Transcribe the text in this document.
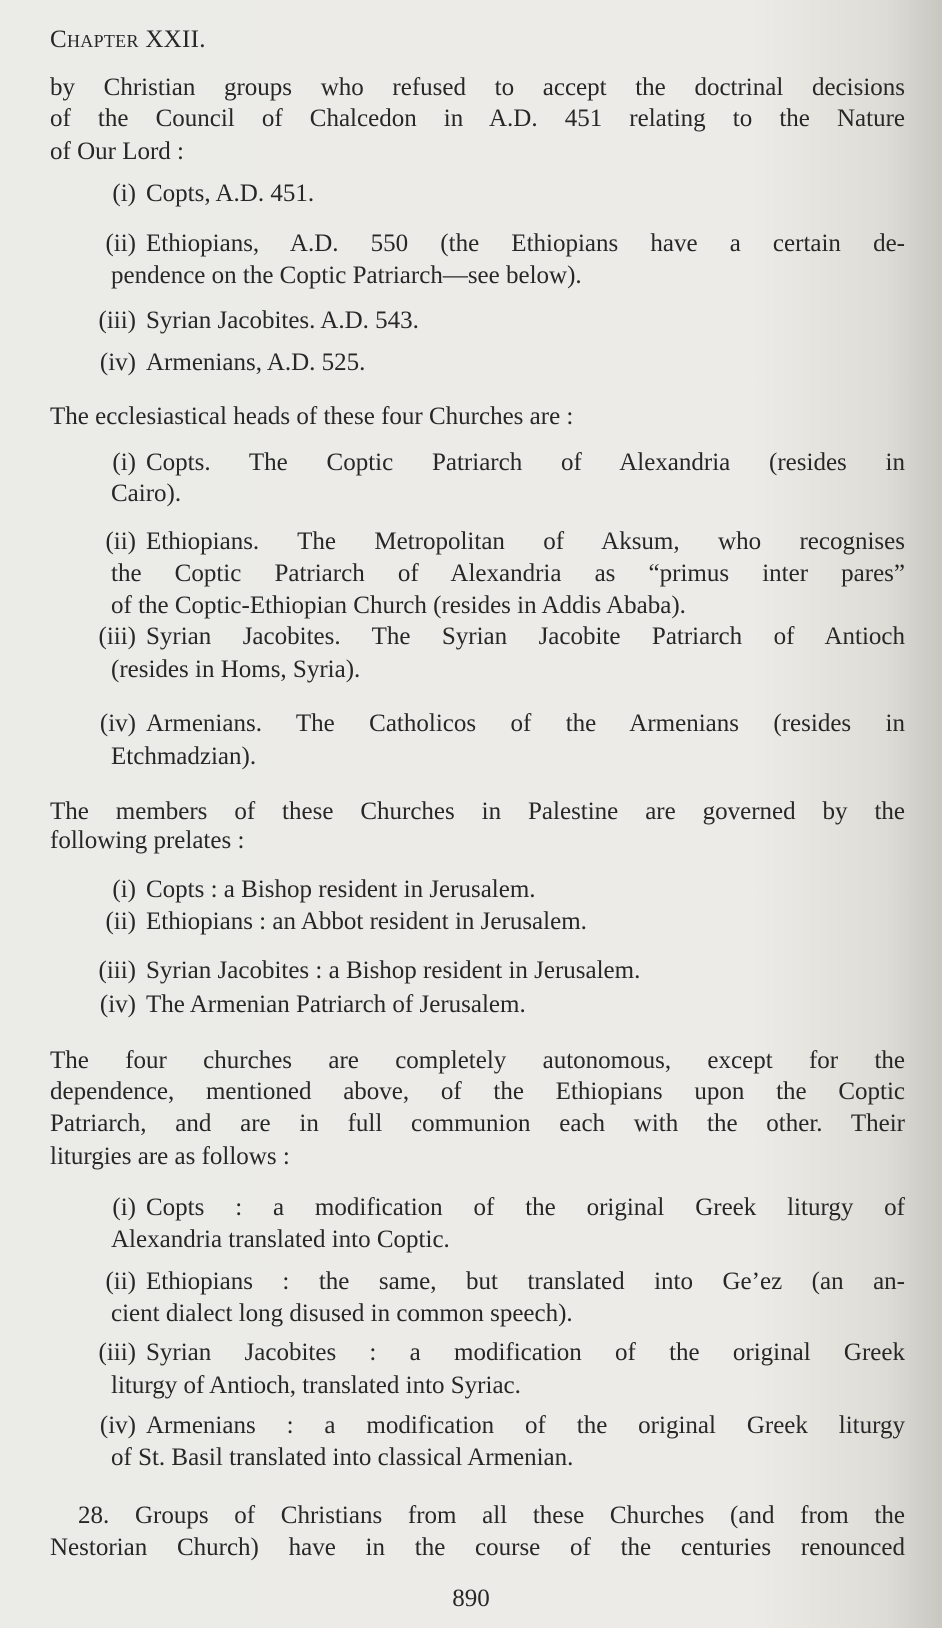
Chapter XXII.
by Christian groups who refused to accept the doctrinal decisions
of the Council of Chalcedon in A.D. 451 relating to the Nature
of Our Lord :
Copts, A.D. 451.
(i)
Ethiopians, A.D. 550 (the Ethiopians have a certain de-
(ii)
pendence on the Coptic Patriarch—see below).
Syrian Jacobites. A.D. 543.
(iii)
Armenians, A.D. 525.
(iv)
The ecclesiastical heads of these four Churches are :
Copts. The Coptic Patriarch of Alexandria (resides in
(i)
Cairo).
Ethiopians. The Metropolitan of Aksum, who recognises
(ii)
the Coptic Patriarch of Alexandria as “primus inter pares”
of the Coptic-Ethiopian Church (resides in Addis Ababa).
Syrian Jacobites. The Syrian Jacobite Patriarch of Antioch
(iii)
(resides in Homs, Syria).
Armenians. The Catholicos of the Armenians (resides in
(iv)
Etchmadzian).
The members of these Churches in Palestine are governed by the
following prelates :
Copts : a Bishop resident in Jerusalem.
(i)
Ethiopians : an Abbot resident in Jerusalem.
(ii)
Syrian Jacobites : a Bishop resident in Jerusalem.
(iii)
The Armenian Patriarch of Jerusalem.
(iv)
The four churches are completely autonomous, except for the
dependence, mentioned above, of the Ethiopians upon the Coptic
Patriarch, and are in full communion each with the other. Their
liturgies are as follows :
Copts : a modification of the original Greek liturgy of
(i)
Alexandria translated into Coptic.
Ethiopians : the same, but translated into Ge’ez (an an-
(ii)
cient dialect long disused in common speech).
Syrian Jacobites : a modification of the original Greek
(iii)
liturgy of Antioch, translated into Syriac.
Armenians : a modification of the original Greek liturgy
(iv)
of St. Basil translated into classical Armenian.
28. Groups of Christians from all these Churches (and from the
Nestorian Church) have in the course of the centuries renounced
890
